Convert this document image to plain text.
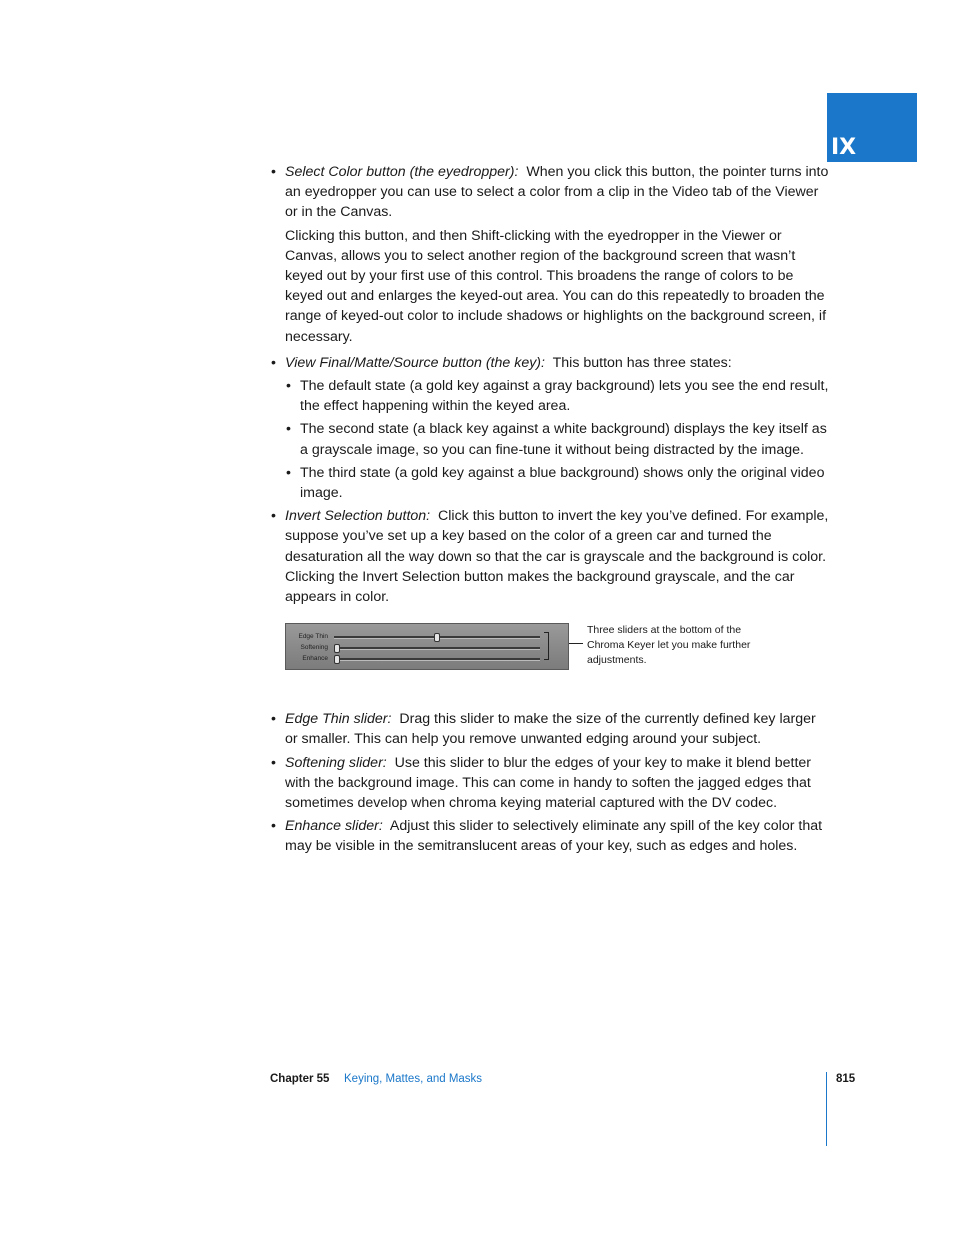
IX
• Select Color button (the eyedropper): When you click this button, the pointer turns into an eyedropper you can use to select a color from a clip in the Video tab of the Viewer or in the Canvas.
Clicking this button, and then Shift-clicking with the eyedropper in the Viewer or Canvas, allows you to select another region of the background screen that wasn’t keyed out by your first use of this control. This broadens the range of colors to be keyed out and enlarges the keyed-out area. You can do this repeatedly to broaden the range of keyed-out color to include shadows or highlights on the background screen, if necessary.
• View Final/Matte/Source button (the key): This button has three states:
• The default state (a gold key against a gray background) lets you see the end result, the effect happening within the keyed area.
• The second state (a black key against a white background) displays the key itself as a grayscale image, so you can fine-tune it without being distracted by the image.
• The third state (a gold key against a blue background) shows only the original video image.
• Invert Selection button: Click this button to invert the key you’ve defined. For example, suppose you’ve set up a key based on the color of a green car and turned the desaturation all the way down so that the car is grayscale and the background is color. Clicking the Invert Selection button makes the background grayscale, and the car appears in color.
Edge Thin
Softening
Enhance
Three sliders at the bottom of the Chroma Keyer let you make further adjustments.
• Edge Thin slider: Drag this slider to make the size of the currently defined key larger or smaller. This can help you remove unwanted edging around your subject.
• Softening slider: Use this slider to blur the edges of your key to make it blend better with the background image. This can come in handy to soften the jagged edges that sometimes develop when chroma keying material captured with the DV codec.
• Enhance slider: Adjust this slider to selectively eliminate any spill of the key color that may be visible in the semitranslucent areas of your key, such as edges and holes.
Chapter 55 Keying, Mattes, and Masks	815
